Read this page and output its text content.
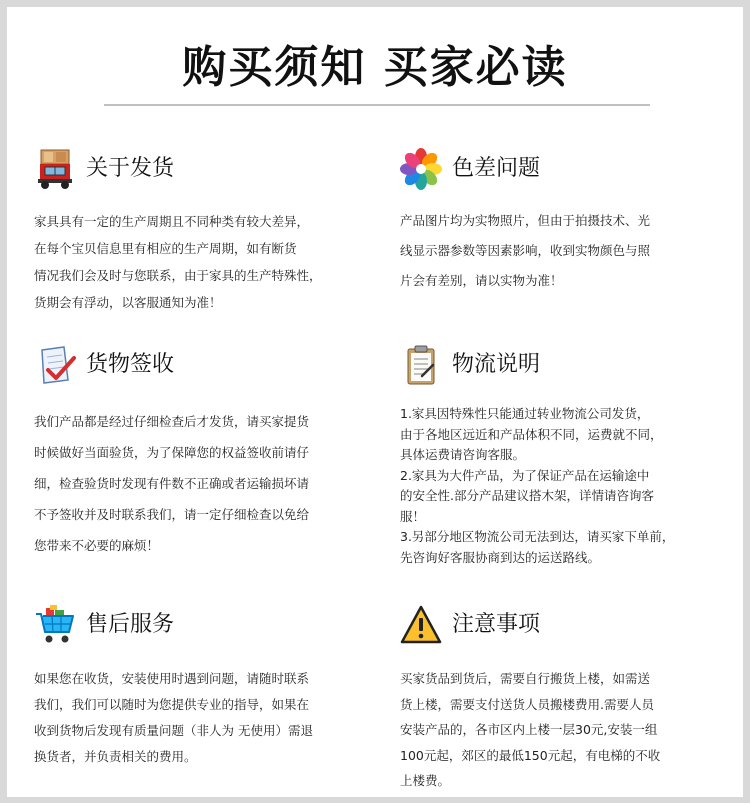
购买须知 买家必读
关于发货
家具具有一定的生产周期且不同种类有较大差异，
在每个宝贝信息里有相应的生产周期，如有断货
情况我们会及时与您联系，由于家具的生产特殊性，
货期会有浮动，以客服通知为准！
色差问题
产品图片均为实物照片，但由于拍摄技术、光
线显示器参数等因素影响，收到实物颜色与照
片会有差别，请以实物为准！
货物签收
我们产品都是经过仔细检查后才发货，请买家提货
时候做好当面验货，为了保障您的权益签收前请仔
细，检查验货时发现有件数不正确或者运输损坏请
不予签收并及时联系我们，请一定仔细检查以免给
您带来不必要的麻烦！
物流说明
1.家具因特殊性只能通过转业物流公司发货，
由于各地区远近和产品体积不同，运费就不同，
具体运费请咨询客服。
2.家具为大件产品，为了保证产品在运输途中
的安全性.部分产品建议搭木架，详情请咨询客
服！
3.另部分地区物流公司无法到达，请买家下单前，
先咨询好客服协商到达的运送路线。
售后服务
如果您在收货，安装使用时遇到问题，请随时联系
我们，我们可以随时为您提供专业的指导，如果在
收到货物后发现有质量问题（非人为 无使用）需退
换货者，并负责相关的费用。
注意事项
买家货品到货后，需要自行搬货上楼，如需送
货上楼，需要支付送货人员搬楼费用.需要人员
安装产品的，各市区内上楼一层30元,安装一组
100元起，郊区的最低150元起，有电梯的不收
上楼费。
